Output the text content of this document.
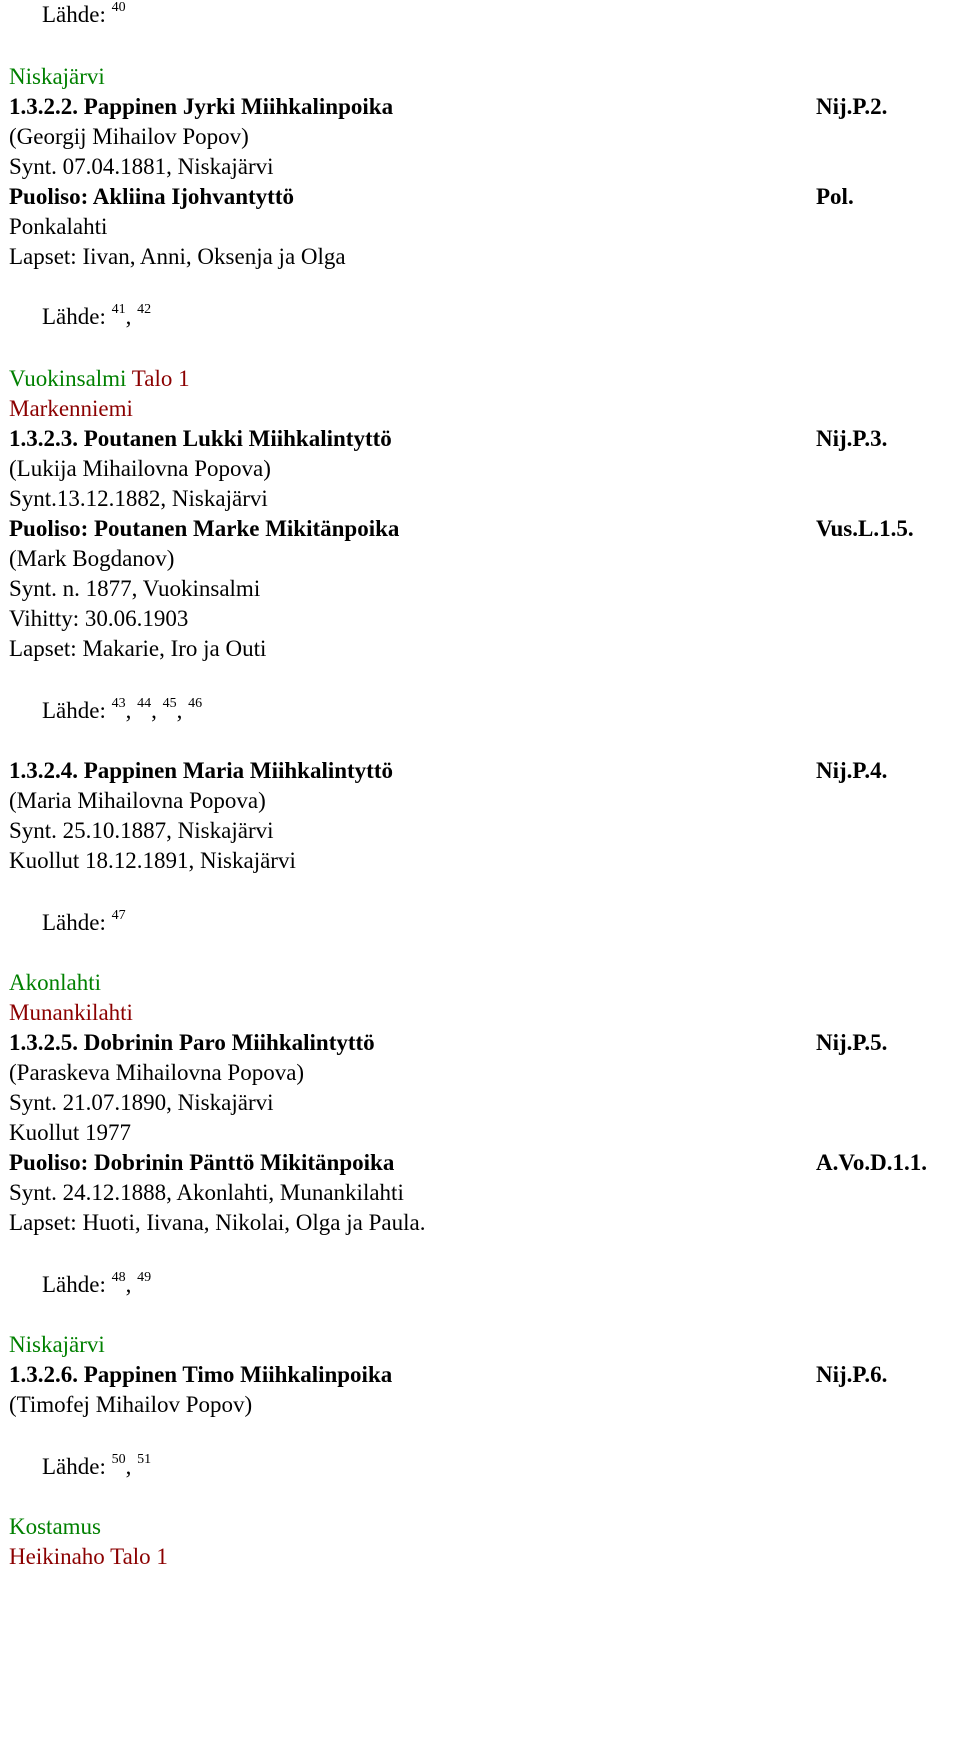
Lähde: $^{40}$
Niskajärvi
1.3.2.2. Pappinen Jyrki Miihkalinpoika	Nij.P.2.
(Georgij Mihailov Popov)
Synt. 07.04.1881, Niskajärvi
Puoliso: Akliina Ijohvantyttö	Pol.
Ponkalahti
Lapset: Iivan, Anni, Oksenja ja Olga
Lähde: $^{41}$, $^{42}$
Vuokinsalmi Talo 1
Markenniemi
1.3.2.3. Poutanen Lukki Miihkalintyttö	Nij.P.3.
(Lukija Mihailovna Popova)
Synt.13.12.1882, Niskajärvi
Puoliso: Poutanen Marke Mikitänpoika	Vus.L.1.5.
(Mark Bogdanov)
Synt. n. 1877, Vuokinsalmi
Vihitty: 30.06.1903
Lapset: Makarie, Iro ja Outi
Lähde: $^{43}$, $^{44}$, $^{45}$, $^{46}$
1.3.2.4. Pappinen Maria Miihkalintyttö	Nij.P.4.
(Maria Mihailovna Popova)
Synt. 25.10.1887, Niskajärvi
Kuollut 18.12.1891, Niskajärvi
Lähde: $^{47}$
Akonlahti
Munankilahti
1.3.2.5. Dobrinin Paro Miihkalintyttö	Nij.P.5.
(Paraskeva Mihailovna Popova)
Synt. 21.07.1890, Niskajärvi
Kuollut 1977
Puoliso: Dobrinin Pänttö Mikitänpoika	A.Vo.D.1.1.
Synt. 24.12.1888, Akonlahti, Munankilahti
Lapset: Huoti, Iivana, Nikolai, Olga ja Paula.
Lähde: $^{48}$, $^{49}$
Niskajärvi
1.3.2.6. Pappinen Timo Miihkalinpoika	Nij.P.6.
(Timofej Mihailov Popov)
Lähde: $^{50}$, $^{51}$
Kostamus
Heikinaho Talo 1
